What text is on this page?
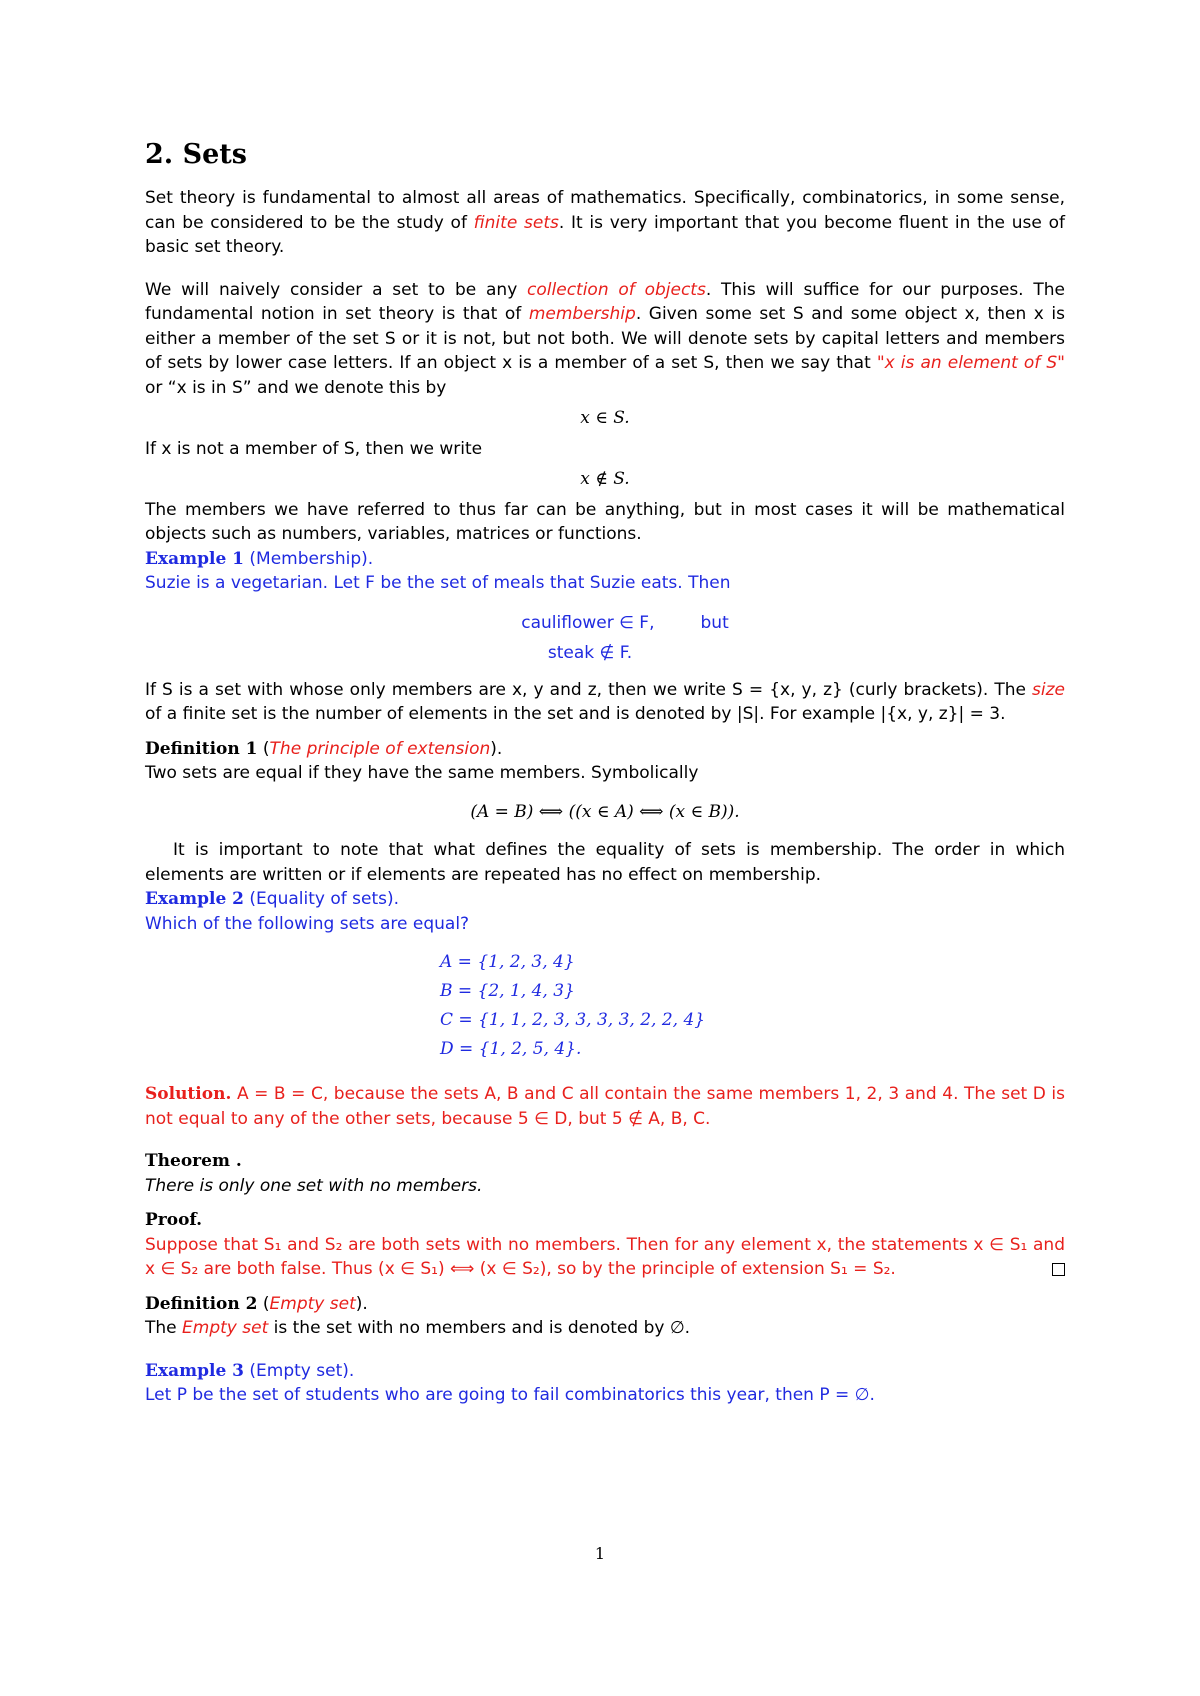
2. Sets

Set theory is fundamental to almost all areas of mathematics. Specifically, combinatorics, in some sense, can be considered to be the study of finite sets. It is very important that you become fluent in the use of basic set theory.

We will naively consider a set to be any collection of objects. This will suffice for our purposes. The fundamental notion in set theory is that of membership. Given some set S and some object x, then x is either a member of the set S or it is not, but not both. We will denote sets by capital letters and members of sets by lower case letters. If an object x is a member of a set S, then we say that "x is an element of S" or “x is in S” and we denote this by

x ∈ S.

If x is not a member of S, then we write

x ∉ S.

The members we have referred to thus far can be anything, but in most cases it will be mathematical objects such as numbers, variables, matrices or functions.

Example 1 (Membership).
Suzie is a vegetarian. Let F be the set of meals that Suzie eats. Then
cauliflower ∈ F,	but
steak ∉ F.

If S is a set with whose only members are x, y and z, then we write S = {x, y, z} (curly brackets). The size of a finite set is the number of elements in the set and is denoted by |S|. For example |{x, y, z}| = 3.

Definition 1 (The principle of extension).
Two sets are equal if they have the same members. Symbolically
(A = B) ⟺ ((x ∈ A) ⟺ (x ∈ B)).

It is important to note that what defines the equality of sets is membership. The order in which elements are written or if elements are repeated has no effect on membership.

Example 2 (Equality of sets).
Which of the following sets are equal?
A = {1, 2, 3, 4}
B = {2, 1, 4, 3}
C = {1, 1, 2, 3, 3, 3, 3, 2, 2, 4}
D = {1, 2, 5, 4}.

Solution. A = B = C, because the sets A, B and C all contain the same members 1, 2, 3 and 4. The set D is not equal to any of the other sets, because 5 ∈ D, but 5 ∉ A, B, C.

Theorem .
There is only one set with no members.
Proof.

Suppose that S₁ and S₂ are both sets with no members. Then for any element x, the statements x ∈ S₁ and x ∈ S₂ are both false. Thus (x ∈ S₁) ⟺ (x ∈ S₂), so by the principle of extension S₁ = S₂.

Definition 2 (Empty set).
The Empty set is the set with no members and is denoted by ∅.
Example 3 (Empty set).
Let P be the set of students who are going to fail combinatorics this year, then P = ∅.
1
